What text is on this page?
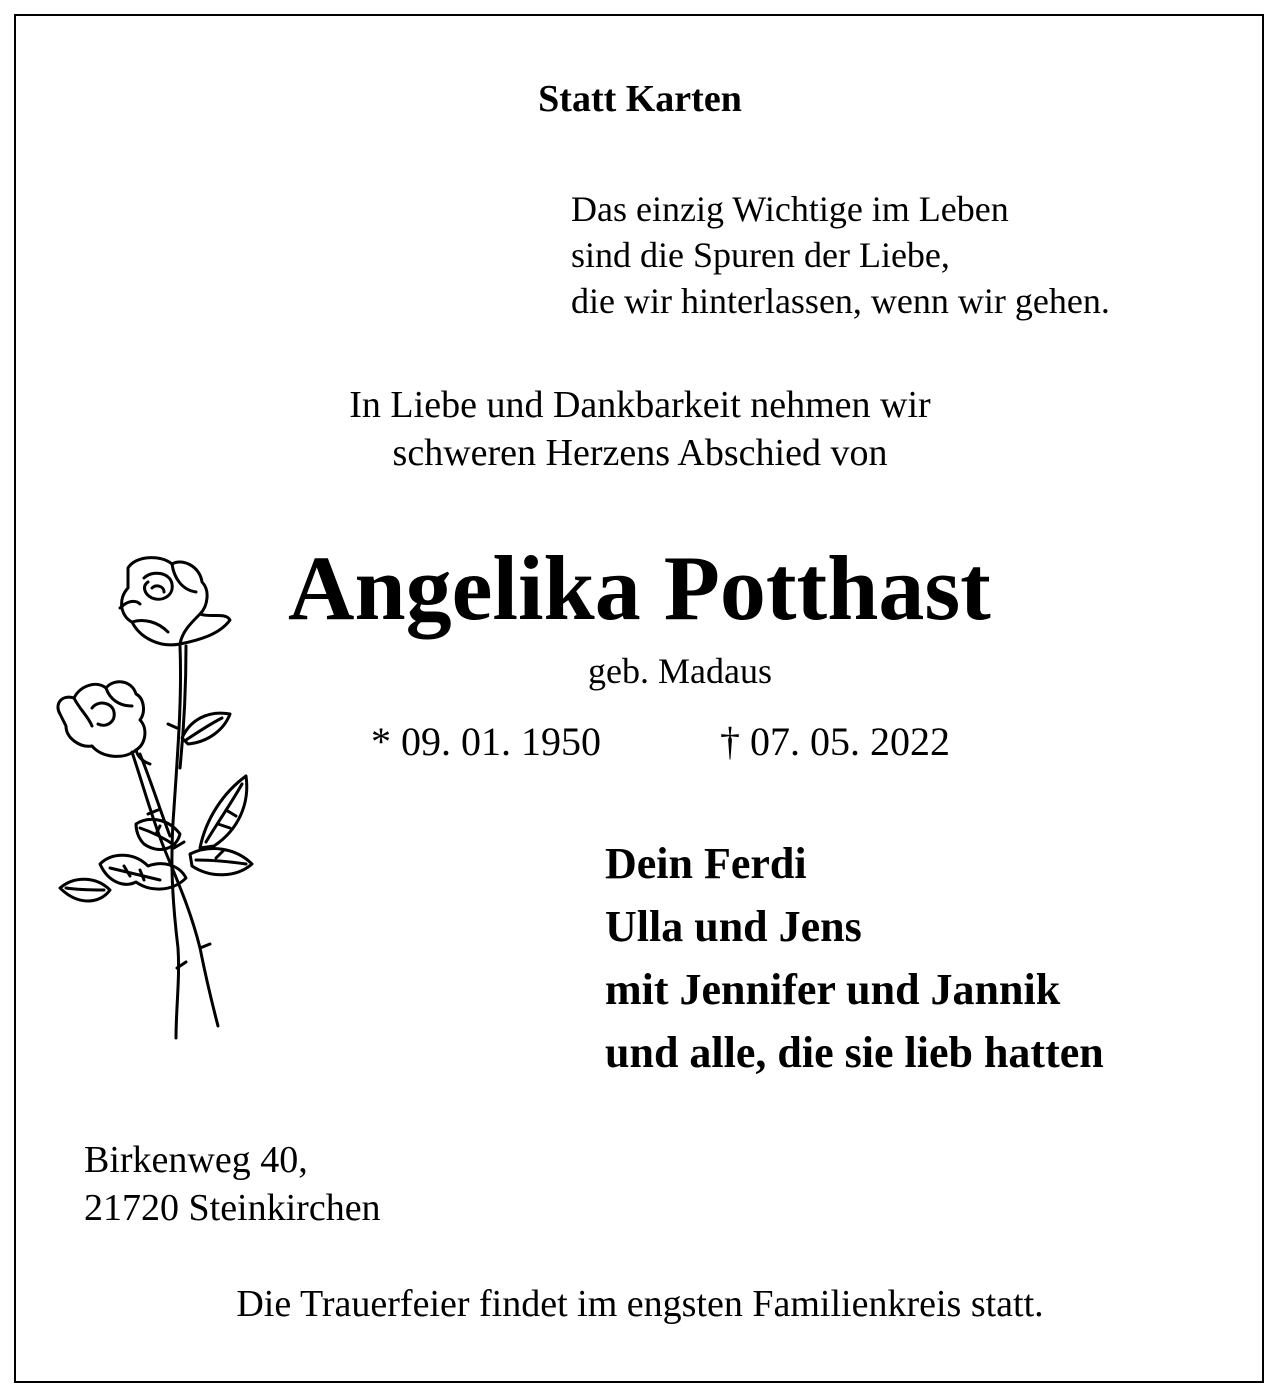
Statt Karten
Das einzig Wichtige im Leben
sind die Spuren der Liebe,
die wir hinterlassen, wenn wir gehen.
In Liebe und Dankbarkeit nehmen wir
schweren Herzens Abschied von
Angelika Potthast
geb. Madaus
* 09. 01. 1950	† 07. 05. 2022
Dein Ferdi
Ulla und Jens
mit Jennifer und Jannik
und alle, die sie lieb hatten
Birkenweg 40,
21720 Steinkirchen
Die Trauerfeier findet im engsten Familienkreis statt.
